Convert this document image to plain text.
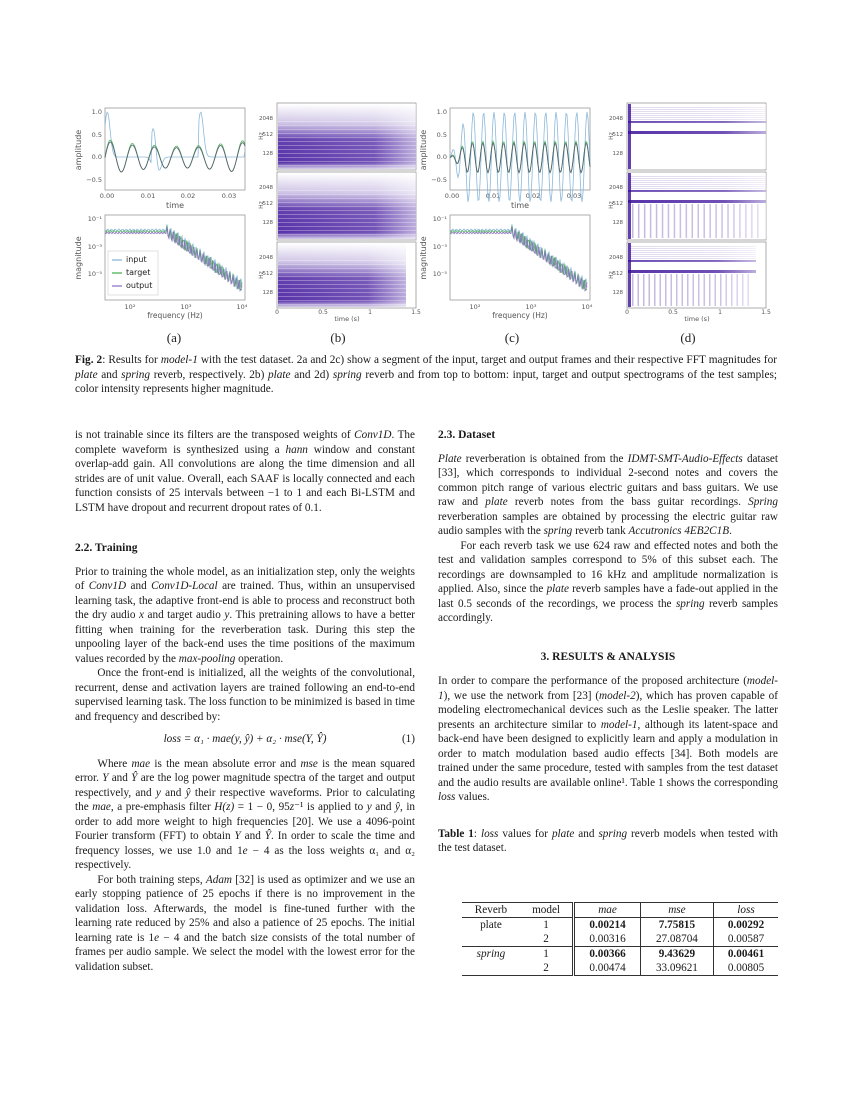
1.0
0.5
0.0
−0.5
0.00	0.01	0.02	0.03
time
amplitude
10⁻¹
10⁻³
10⁻⁵
10²	10³	10⁴
frequency (Hz)
magnitude
2048
512
128
Hz
2048
512
128
Hz
2048
512
128
Hz
0	0.5	1	1.5
time (s)
1.0
0.5
0.0
−0.5
0.00	0.01	0.02	0.03
time
amplitude
10⁻¹
10⁻³
10⁻⁵
10²	10³	10⁴
frequency (Hz)
magnitude
2048
512
128
Hz
2048
512
128
Hz
2048
512
128
Hz
0	0.5	1	1.5
time (s)
input
target
output
(a)	(b)	(c)	(d)
Fig. 2: Results for model-1 with the test dataset. 2a and 2c) show a segment of the input, target and output frames and their respective FFT magnitudes for plate and spring reverb, respectively. 2b) plate and 2d) spring reverb and from top to bottom: input, target and output spectrograms of the test samples; color intensity represents higher magnitude.

is not trainable since its filters are the transposed weights of Conv1D. The complete waveform is synthesized using a hann window and constant overlap-add gain. All convolutions are along the time dimension and all strides are of unit value. Overall, each SAAF is locally connected and each function consists of 25 intervals between −1 to 1 and each Bi-LSTM and LSTM have dropout and recurrent dropout rates of 0.1.

2.2. Training

Prior to training the whole model, as an initialization step, only the weights of Conv1D and Conv1D-Local are trained. Thus, within an unsupervised learning task, the adaptive front-end is able to process and reconstruct both the dry audio x and target audio y. This pretraining allows to have a better fitting when training for the reverberation task. During this step the unpooling layer of the back-end uses the time positions of the maximum values recorded by the max-pooling operation.

Once the front-end is initialized, all the weights of the convolutional, recurrent, dense and activation layers are trained following an end-to-end supervised learning task. The loss function to be minimized is based in time and frequency and described by:

loss = α₁ · mae(y, ŷ) + α₂ · mse(Y, Ŷ)	(1)

Where mae is the mean absolute error and mse is the mean squared error. Y and Ŷ are the log power magnitude spectra of the target and output respectively, and y and ŷ their respective waveforms. Prior to calculating the mae, a pre-emphasis filter H(z) = 1 − 0, 95z⁻¹ is applied to y and ŷ, in order to add more weight to high frequencies [20]. We use a 4096-point Fourier transform (FFT) to obtain Y and Ŷ. In order to scale the time and frequency losses, we use 1.0 and 1e − 4 as the loss weights α₁ and α₂ respectively.

For both training steps, Adam [32] is used as optimizer and we use an early stopping patience of 25 epochs if there is no improvement in the validation loss. Afterwards, the model is fine-tuned further with the learning rate reduced by 25% and also a patience of 25 epochs. The initial learning rate is 1e − 4 and the batch size consists of the total number of frames per audio sample. We select the model with the lowest error for the validation subset.

2.3. Dataset

Plate reverberation is obtained from the IDMT-SMT-Audio-Effects dataset [33], which corresponds to individual 2-second notes and covers the common pitch range of various electric guitars and bass guitars. We use raw and plate reverb notes from the bass guitar recordings. Spring reverberation samples are obtained by processing the electric guitar raw audio samples with the spring reverb tank Accutronics 4EB2C1B.

For each reverb task we use 624 raw and effected notes and both the test and validation samples correspond to 5% of this subset each. The recordings are downsampled to 16 kHz and amplitude normalization is applied. Also, since the plate reverb samples have a fade-out applied in the last 0.5 seconds of the recordings, we process the spring reverb samples accordingly.

3. RESULTS & ANALYSIS

In order to compare the performance of the proposed architecture (model-1), we use the network from [23] (model-2), which has proven capable of modeling electromechanical devices such as the Leslie speaker. The latter presents an architecture similar to model-1, although its latent-space and back-end have been designed to explicitly learn and apply a modulation in order to match modulation based audio effects [34]. Both models are trained under the same procedure, tested with samples from the test dataset and the audio results are available online¹. Table 1 shows the corresponding loss values.

Table 1: loss values for plate and spring reverb models when tested with the test dataset.

Reverb	model	mae	mse	loss
plate	1	0.00214	7.75815	0.00292
	2	0.00316	27.08704	0.00587
spring	1	0.00366	9.43629	0.00461
	2	0.00474	33.09621	0.00805
